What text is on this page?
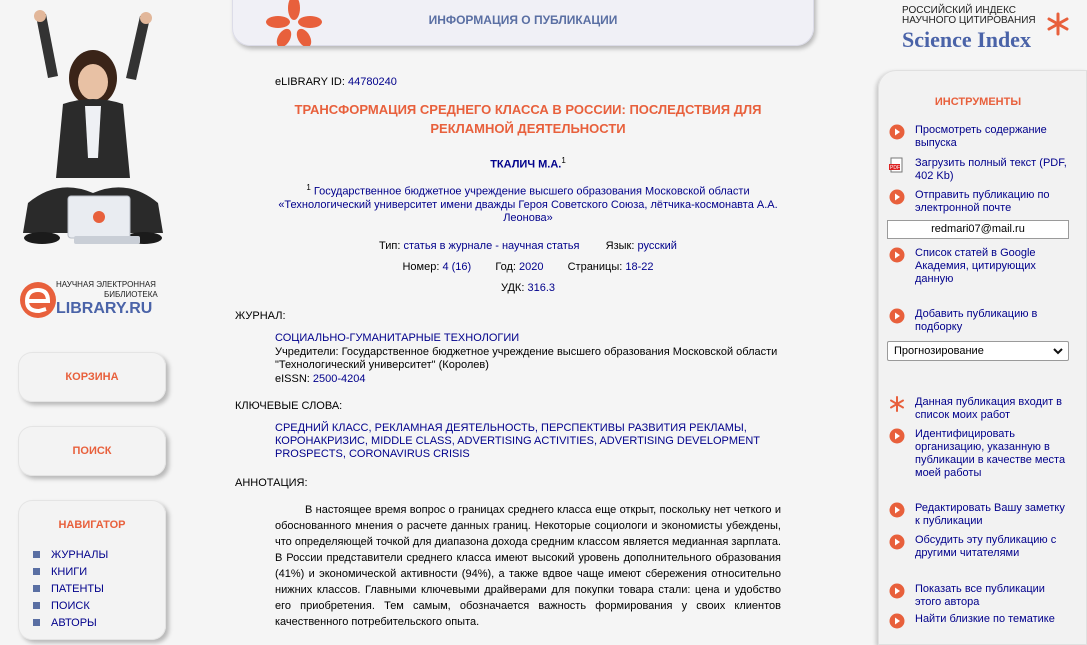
НАУЧНАЯ ЭЛЕКТРОННАЯ
БИБЛИОТЕКА
LIBRARY.RU
КОРЗИНА
ПОИСК
НАВИГАТОР
ЖУРНАЛЫ
КНИГИ
ПАТЕНТЫ
ПОИСК
АВТОРЫ
ИНФОРМАЦИЯ О ПУБЛИКАЦИИ
РОССИЙСКИЙ ИНДЕКС
НАУЧНОГО ЦИТИРОВАНИЯ
Science Index
eLIBRARY ID: 44780240
ТРАНСФОРМАЦИЯ СРЕДНЕГО КЛАССА В РОССИИ: ПОСЛЕДСТВИЯ ДЛЯ РЕКЛАМНОЙ ДЕЯТЕЛЬНОСТИ
ТКАЛИЧ М.А.$^1$
$^1$ Государственное бюджетное учреждение высшего образования Московской области «Технологический университет имени дважды Героя Советского Союза, лётчика-космонавта А.А. Леонова»
Тип: статья в журнале - научная статья Язык: русский
Номер: 4 (16) Год: 2020 Страницы: 18-22
УДК: 316.3
ЖУРНАЛ:
СОЦИАЛЬНО-ГУМАНИТАРНЫЕ ТЕХНОЛОГИИ
Учредители: Государственное бюджетное учреждение высшего образования Московской области "Технологический университет" (Королев)
eISSN: 2500-4204
КЛЮЧЕВЫЕ СЛОВА:
СРЕДНИЙ КЛАСС, РЕКЛАМНАЯ ДЕЯТЕЛЬНОСТЬ, ПЕРСПЕКТИВЫ РАЗВИТИЯ РЕКЛАМЫ, КОРОНАКРИЗИС, MIDDLE CLASS, ADVERTISING ACTIVITIES, ADVERTISING DEVELOPMENT PROSPECTS, CORONAVIRUS CRISIS
АННОТАЦИЯ:
В настоящее время вопрос о границах среднего класса еще открыт, поскольку нет четкого и обоснованного мнения о расчете данных границ. Некоторые социологи и экономисты убеждены, что определяющей точкой для диапазона дохода средним классом является медианная зарплата. В России представители среднего класса имеют высокий уровень дополнительного образования (41%) и экономической активности (94%), а также вдвое чаще имеют сбережения относительно нижних классов. Главными ключевыми драйверами для покупки товара стали: цена и удобство его приобретения. Тем самым, обозначается важность формирования у своих клиентов качественного потребительского опыта.
ИНСТРУМЕНТЫ
Просмотреть содержание выпуска
PDF Загрузить полный текст (PDF, 402 Kb)
Отправить публикацию по электронной почте
redmari07@mail.ru
Список статей в Google Академия, цитирующих данную
Добавить публикацию в подборку
Прогнозирование
Данная публикация входит в список моих работ
Идентифицировать организацию, указанную в публикации в качестве места моей работы
Редактировать Вашу заметку к публикации
Обсудить эту публикацию с другими читателями
Показать все публикации этого автора
Найти близкие по тематике
